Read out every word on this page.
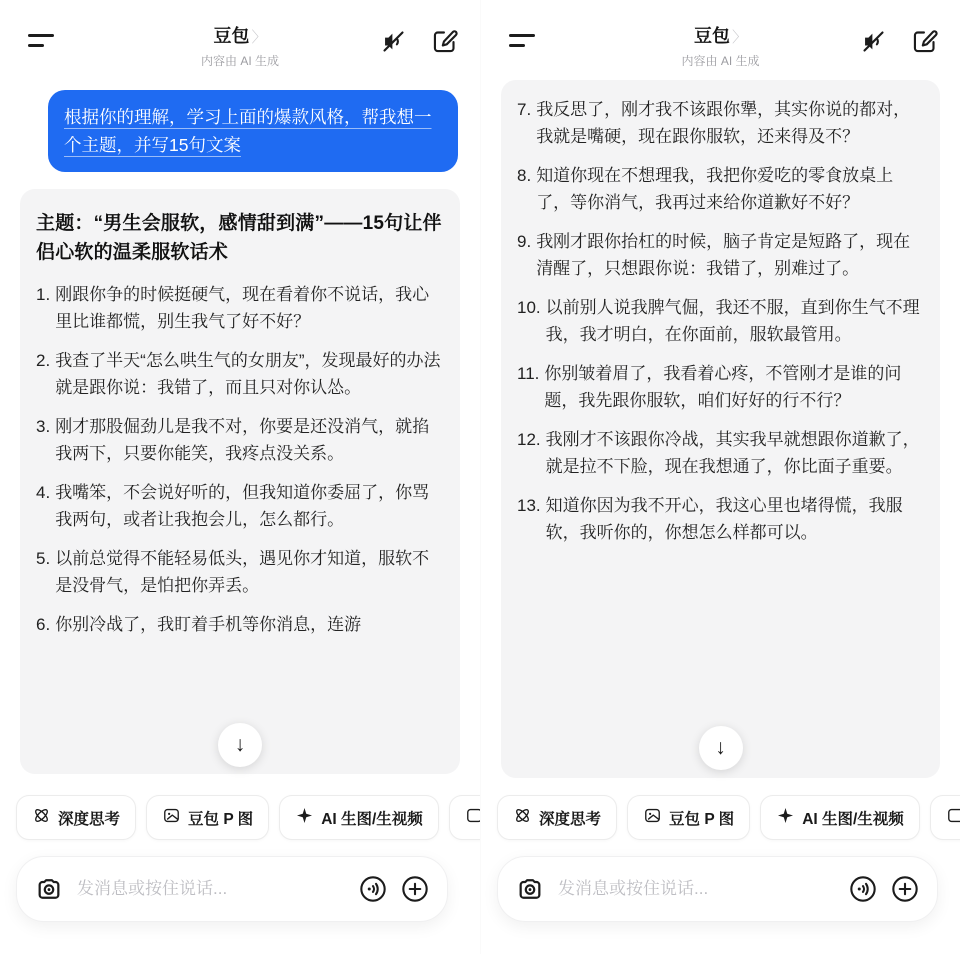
豆包 〉
内容由 AI 生成
根据你的理解，学习上面的爆款风格，帮我想一个主题，并写15句文案
主题：“男生会服软，感情甜到满”——15句让伴侣心软的温柔服软话术
1. 刚跟你争的时候挺硬气，现在看着你不说话，我心里比谁都慌，别生我气了好不好？
2. 我查了半天“怎么哄生气的女朋友”，发现最好的办法就是跟你说：我错了，而且只对你认怂。
3. 刚才那股倔劲儿是我不对，你要是还没消气，就掐我两下，只要你能笑，我疼点没关系。
4. 我嘴笨，不会说好听的，但我知道你委屈了，你骂我两句，或者让我抱会儿，怎么都行。
5. 以前总觉得不能轻易低头，遇见你才知道，服软不是没骨气，是怕把你弄丢。
6. 你别冷战了，我盯着手机等你消息，连游
↓
深度思考	豆包 P 图	AI 生图/生视频
发消息或按住说话...
豆包 〉
内容由 AI 生成
7. 我反思了，刚才我不该跟你犟，其实你说的都对，我就是嘴硬，现在跟你服软，还来得及不？
8. 知道你现在不想理我，我把你爱吃的零食放桌上了，等你消气，我再过来给你道歉好不好？
9. 我刚才跟你抬杠的时候，脑子肯定是短路了，现在清醒了，只想跟你说：我错了，别难过了。
10. 以前别人说我脾气倔，我还不服，直到你生气不理我，我才明白，在你面前，服软最管用。
11. 你别皱着眉了，我看着心疼，不管刚才是谁的问题，我先跟你服软，咱们好好的行不行？
12. 我刚才不该跟你冷战，其实我早就想跟你道歉了，就是拉不下脸，现在我想通了，你比面子重要。
13. 知道你因为我不开心，我这心里也堵得慌，我服软，我听你的，你想怎么样都可以。
↓
深度思考	豆包 P 图	AI 生图/生视频
发消息或按住说话...
